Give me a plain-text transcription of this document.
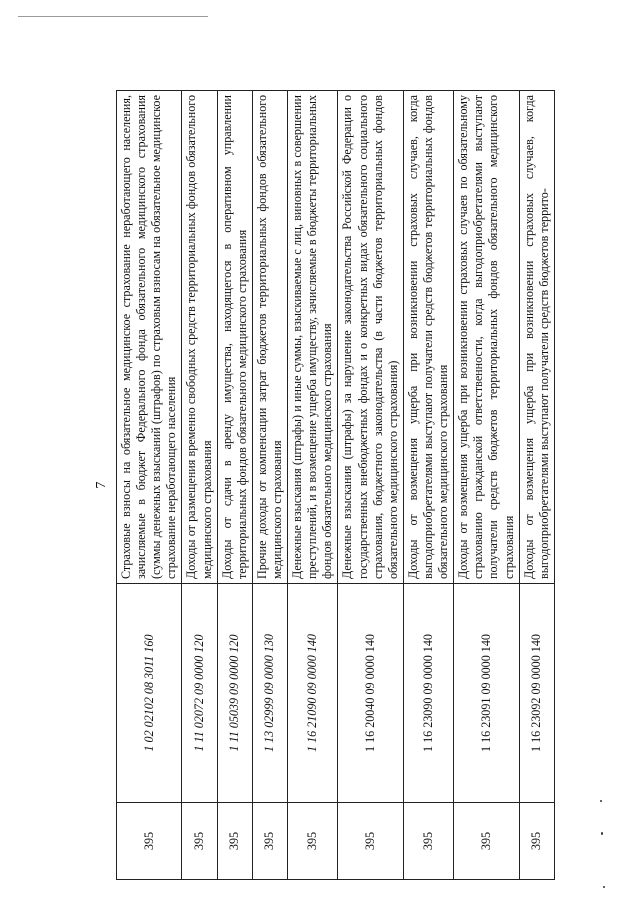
7
395	1 02 02102 08 3011 160	Страховые взносы на обязательное медицинское страхование неработающего населения, зачисляемые в бюджет Федерального фонда обязательного медицинского страхования (суммы денежных взысканий (штрафов) по страховым взносам на обязательное медицинское страхование неработающего населения
395	1 11 02072 09 0000 120	Доходы от размещения временно свободных средств территориальных фондов обязательного медицинского страхования
395	1 11 05039 09 0000 120	Доходы от сдачи в аренду имущества, находящегося в оперативном управлении территориальных фондов обязательного медицинского страхования
395	1 13 02999 09 0000 130	Прочие доходы от компенсации затрат бюджетов территориальных фондов обязательного медицинского страхования
395	1 16 21090 09 0000 140	Денежные взыскания (штрафы) и иные суммы, взыскиваемые с лиц, виновных в совершении преступлений, и в возмещение ущерба имуществу, зачисляемые в бюджеты территориальных фондов обязательного медицинского страхования
395	1 16 20040 09 0000 140	Денежные взыскания (штрафы) за нарушение законодательства Российской Федерации о государственных внебюджетных фондах и о конкретных видах обязательного социального страхования, бюджетного законодательства (в части бюджетов территориальных фондов обязательного медицинского страхования)
395	1 16 23090 09 0000 140	Доходы от возмещения ущерба при возникновении страховых случаев, когда выгодоприобретателями выступают получатели средств бюджетов территориальных фондов обязательного медицинского страхования
395	1 16 23091 09 0000 140	Доходы от возмещения ущерба при возникновении страховых случаев по обязательному страхованию гражданской ответственности, когда выгодоприобретателями выступают получатели средств бюджетов территориальных фондов обязательного медицинского страхования
395	1 16 23092 09 0000 140	Доходы от возмещения ущерба при возникновении страховых случаев, когда выгодоприобретателями выступают получатели средств бюджетов террито-
